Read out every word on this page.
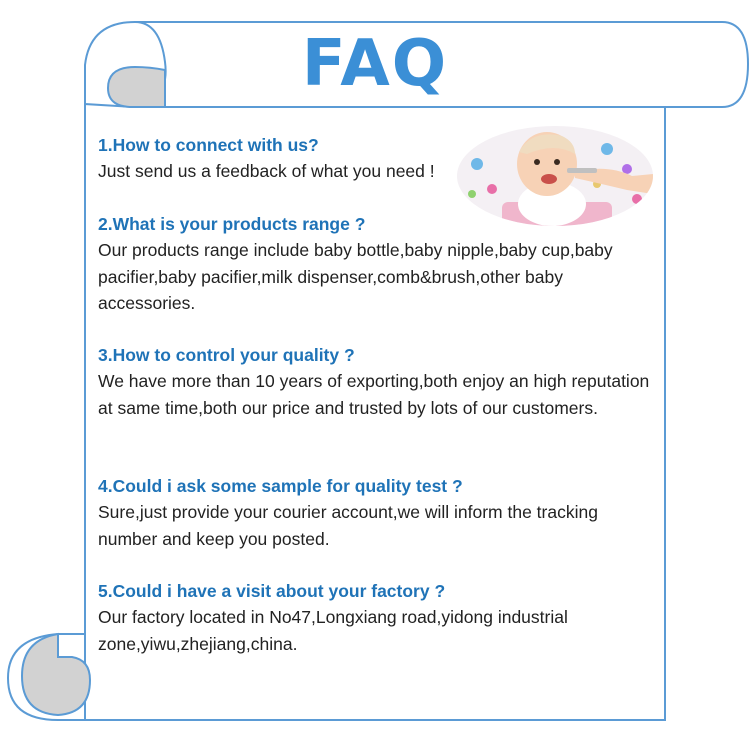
FAQ
1.How to connect with us?
Just send us a feedback of what you need !
2.What is your products range ?
Our products range include baby bottle,baby nipple,baby cup,baby pacifier,baby pacifier,milk dispenser,comb&brush,other baby accessories.
3.How to control your quality ?
We have more than 10 years of exporting,both enjoy an high reputation at same time,both our price and trusted by lots of our customers.
4.Could i ask some sample for quality test ?
Sure,just provide your courier account,we will inform the tracking number and keep you posted.
5.Could i have a visit about your factory ?
Our factory located in No47,Longxiang road,yidong industrial zone,yiwu,zhejiang,china.
